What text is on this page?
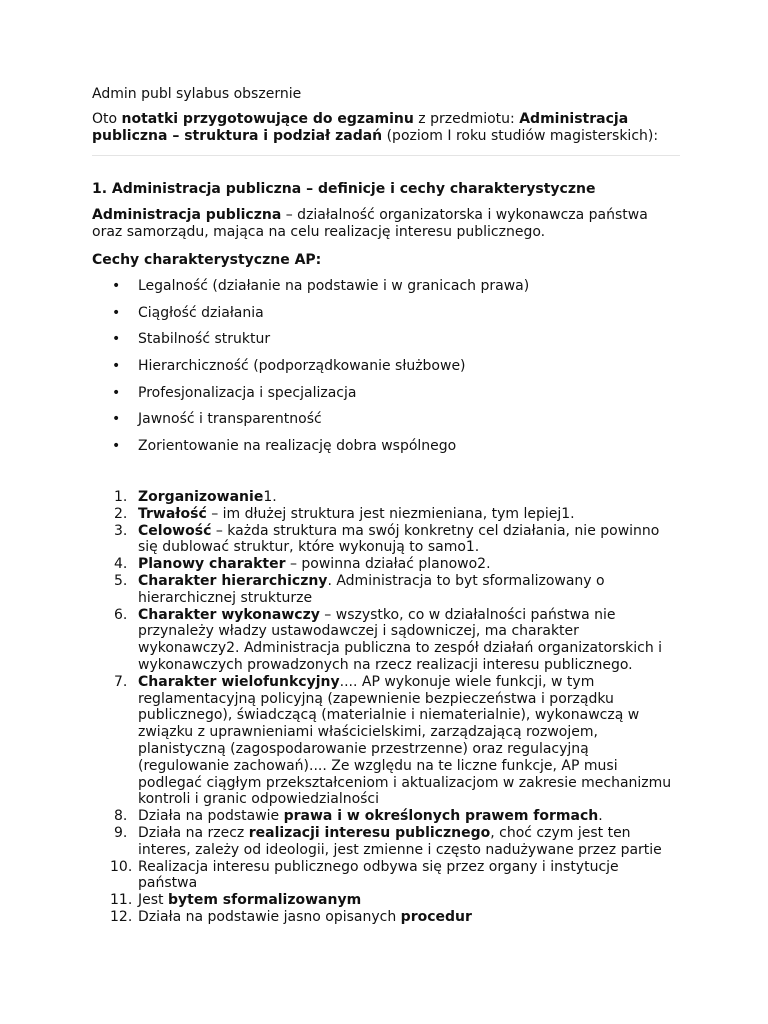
Admin publ sylabus obszernie

Oto notatki przygotowujące do egzaminu z przedmiotu: Administracja publiczna – struktura i podział zadań (poziom I roku studiów magisterskich):

1. Administracja publiczna – definicje i cechy charakterystyczne

Administracja publiczna – działalność organizatorska i wykonawcza państwa oraz samorządu, mająca na celu realizację interesu publicznego.

Cechy charakterystyczne AP:
• Legalność (działanie na podstawie i w granicach prawa)
• Ciągłość działania
• Stabilność struktur
• Hierarchiczność (podporządkowanie służbowe)
• Profesjonalizacja i specjalizacja
• Jawność i transparentność
• Zorientowanie na realizację dobra wspólnego
1. Zorganizowanie1.
2. Trwałość – im dłużej struktura jest niezmieniana, tym lepiej1.
3. Celowość – każda struktura ma swój konkretny cel działania, nie powinno się dublować struktur, które wykonują to samo1.
4. Planowy charakter – powinna działać planowo2.
5. Charakter hierarchiczny. Administracja to byt sformalizowany o hierarchicznej strukturze
6. Charakter wykonawczy – wszystko, co w działalności państwa nie przynależy władzy ustawodawczej i sądowniczej, ma charakter wykonawczy2. Administracja publiczna to zespół działań organizatorskich i wykonawczych prowadzonych na rzecz realizacji interesu publicznego.
7. Charakter wielofunkcyjny.... AP wykonuje wiele funkcji, w tym reglamentacyjną policyjną (zapewnienie bezpieczeństwa i porządku publicznego), świadczącą (materialnie i niematerialnie), wykonawczą w związku z uprawnieniami właścicielskimi, zarządzającą rozwojem, planistyczną (zagospodarowanie przestrzenne) oraz regulacyjną (regulowanie zachowań).... Ze względu na te liczne funkcje, AP musi podlegać ciągłym przekształceniom i aktualizacjom w zakresie mechanizmu kontroli i granic odpowiedzialności
8. Działa na podstawie prawa i w określonych prawem formach.
9. Działa na rzecz realizacji interesu publicznego, choć czym jest ten interes, zależy od ideologii, jest zmienne i często nadużywane przez partie
10. Realizacja interesu publicznego odbywa się przez organy i instytucje państwa
11. Jest bytem sformalizowanym
12. Działa na podstawie jasno opisanych procedur
